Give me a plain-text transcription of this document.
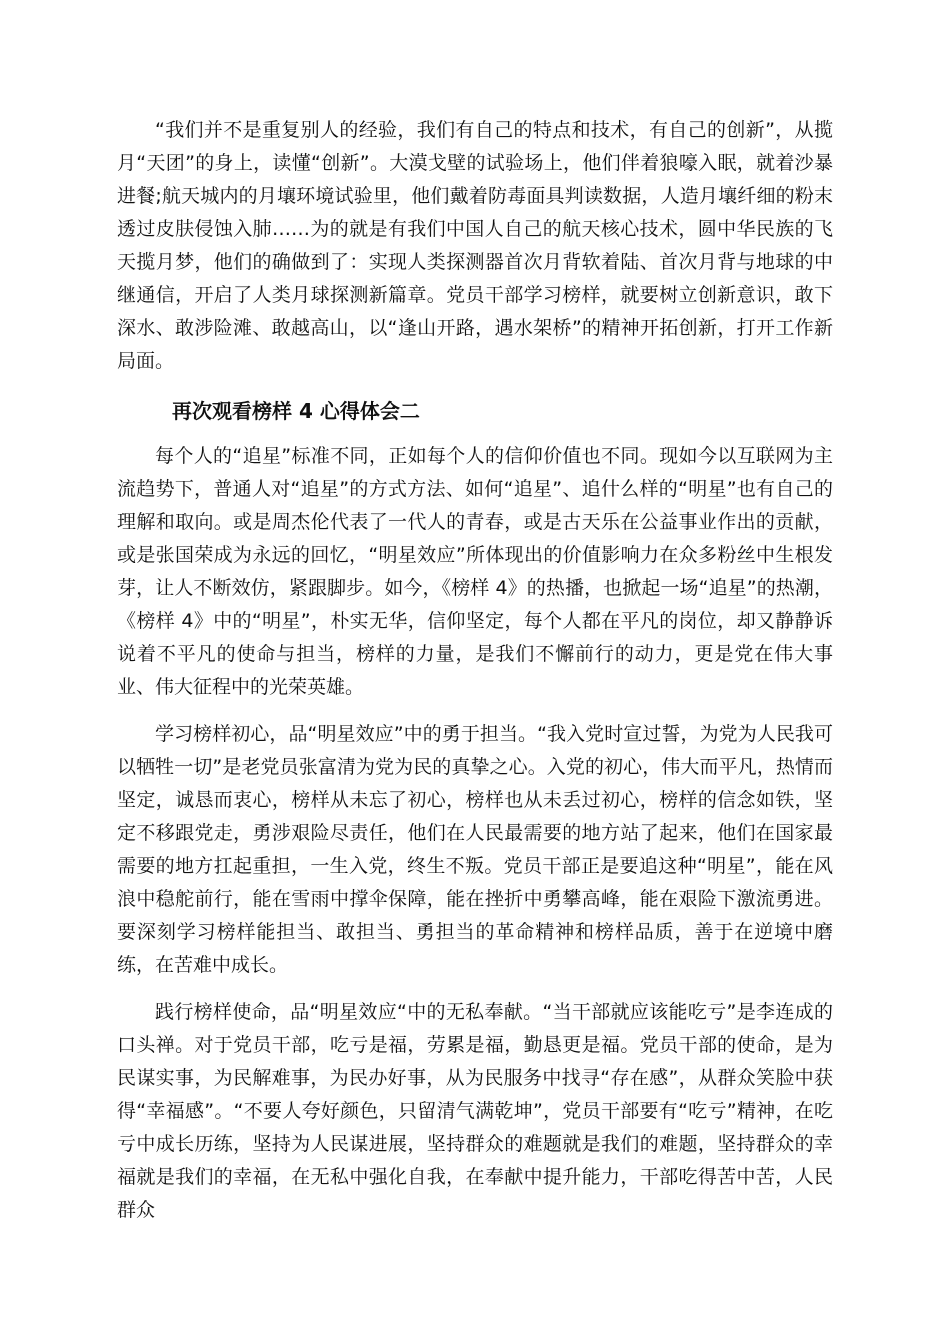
“我们并不是重复别人的经验，我们有自己的特点和技术，有自己的创新”，从揽月“天团”的身上，读懂“创新”。大漠戈壁的试验场上，他们伴着狼嚎入眠，就着沙暴进餐;航天城内的月壤环境试验里，他们戴着防毒面具判读数据，人造月壤纤细的粉末透过皮肤侵蚀入肺……为的就是有我们中国人自己的航天核心技术，圆中华民族的飞天揽月梦，他们的确做到了：实现人类探测器首次月背软着陆、首次月背与地球的中继通信，开启了人类月球探测新篇章。党员干部学习榜样，就要树立创新意识，敢下深水、敢涉险滩、敢越高山，以“逢山开路，遇水架桥”的精神开拓创新，打开工作新局面。

再次观看榜样 4 心得体会二

每个人的“追星”标准不同，正如每个人的信仰价值也不同。现如今以互联网为主流趋势下，普通人对“追星”的方式方法、如何“追星”、追什么样的“明星”也有自己的理解和取向。或是周杰伦代表了一代人的青春，或是古天乐在公益事业作出的贡献，或是张国荣成为永远的回忆，“明星效应”所体现出的价值影响力在众多粉丝中生根发芽，让人不断效仿，紧跟脚步。如今，《榜样 4》的热播，也掀起一场“追星”的热潮，《榜样 4》中的“明星”，朴实无华，信仰坚定，每个人都在平凡的岗位，却又静静诉说着不平凡的使命与担当，榜样的力量，是我们不懈前行的动力，更是党在伟大事业、伟大征程中的光荣英雄。

学习榜样初心，品“明星效应”中的勇于担当。“我入党时宣过誓，为党为人民我可以牺牲一切”是老党员张富清为党为民的真挚之心。入党的初心，伟大而平凡，热情而坚定，诚恳而衷心，榜样从未忘了初心，榜样也从未丢过初心，榜样的信念如铁，坚定不移跟党走，勇涉艰险尽责任，他们在人民最需要的地方站了起来，他们在国家最需要的地方扛起重担，一生入党，终生不叛。党员干部正是要追这种“明星”，能在风浪中稳舵前行，能在雪雨中撑伞保障，能在挫折中勇攀高峰，能在艰险下激流勇进。要深刻学习榜样能担当、敢担当、勇担当的革命精神和榜样品质，善于在逆境中磨练，在苦难中成长。

践行榜样使命，品“明星效应“中的无私奉献。“当干部就应该能吃亏”是李连成的口头禅。对于党员干部，吃亏是福，劳累是福，勤恳更是福。党员干部的使命，是为民谋实事，为民解难事，为民办好事，从为民服务中找寻“存在感”，从群众笑脸中获得“幸福感”。“不要人夸好颜色，只留清气满乾坤”，党员干部要有“吃亏”精神，在吃亏中成长历练，坚持为人民谋进展，坚持群众的难题就是我们的难题，坚持群众的幸福就是我们的幸福，在无私中强化自我，在奉献中提升能力，干部吃得苦中苦，人民群众
